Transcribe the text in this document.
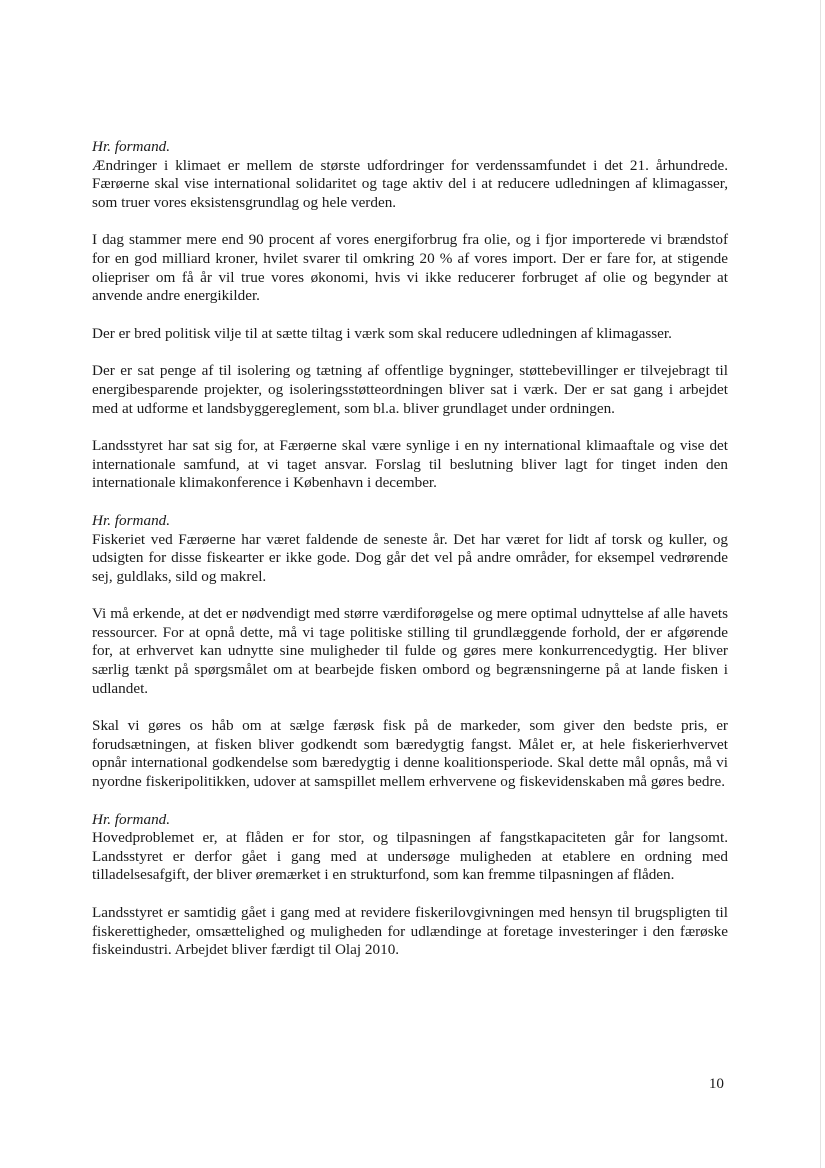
Hr. formand.

Ændringer i klimaet er mellem de største udfordringer for verdenssamfundet i det 21. århundrede. Færøerne skal vise international solidaritet og tage aktiv del i at reducere udledningen af klimagasser, som truer vores eksistensgrundlag og hele verden.

I dag stammer mere end 90 procent af vores energiforbrug fra olie, og i fjor importerede vi brændstof for en god milliard kroner, hvilet svarer til omkring 20 % af vores import. Der er fare for, at stigende oliepriser om få år vil true vores økonomi, hvis vi ikke reducerer forbruget af olie og begynder at anvende andre energikilder.

Der er bred politisk vilje til at sætte tiltag i værk som skal reducere udledningen af klimagasser.

Der er sat penge af til isolering og tætning af offentlige bygninger, støttebevillinger er tilvejebragt til energibesparende projekter, og isoleringsstøtteordningen bliver sat i værk. Der er sat gang i arbejdet med at udforme et landsbyggereglement, som bl.a. bliver grundlaget under ordningen.

Landsstyret har sat sig for, at Færøerne skal være synlige i en ny international klimaaftale og vise det internationale samfund, at vi taget ansvar. Forslag til beslutning bliver lagt for tinget inden den internationale klimakonference i København i december.

Hr. formand.

Fiskeriet ved Færøerne har været faldende de seneste år. Det har været for lidt af torsk og kuller, og udsigten for disse fiskearter er ikke gode. Dog går det vel på andre områder, for eksempel vedrørende sej, guldlaks, sild og makrel.

Vi må erkende, at det er nødvendigt med større værdiforøgelse og mere optimal udnyttelse af alle havets ressourcer. For at opnå dette, må vi tage politiske stilling til grundlæggende forhold, der er afgørende for, at erhvervet kan udnytte sine muligheder til fulde og gøres mere konkurrencedygtig. Her bliver særlig tænkt på spørgsmålet om at bearbejde fisken ombord og begrænsningerne på at lande fisken i udlandet.

Skal vi gøres os håb om at sælge færøsk fisk på de markeder, som giver den bedste pris, er forudsætningen, at fisken bliver godkendt som bæredygtig fangst. Målet er, at hele fiskerierhvervet opnår international godkendelse som bæredygtig i denne koalitionsperiode. Skal dette mål opnås, må vi nyordne fiskeripolitikken, udover at samspillet mellem erhvervene og fiskevidenskaben må gøres bedre.

Hr. formand.

Hovedproblemet er, at flåden er for stor, og tilpasningen af fangstkapaciteten går for langsomt. Landsstyret er derfor gået i gang med at undersøge muligheden at etablere en ordning med tilladelsesafgift, der bliver øremærket i en strukturfond, som kan fremme tilpasningen af flåden.

Landsstyret er samtidig gået i gang med at revidere fiskerilovgivningen med hensyn til brugspligten til fiskerettigheder, omsættelighed og muligheden for udlændinge at foretage investeringer i den færøske fiskeindustri. Arbejdet bliver færdigt til Olaj 2010.

10
